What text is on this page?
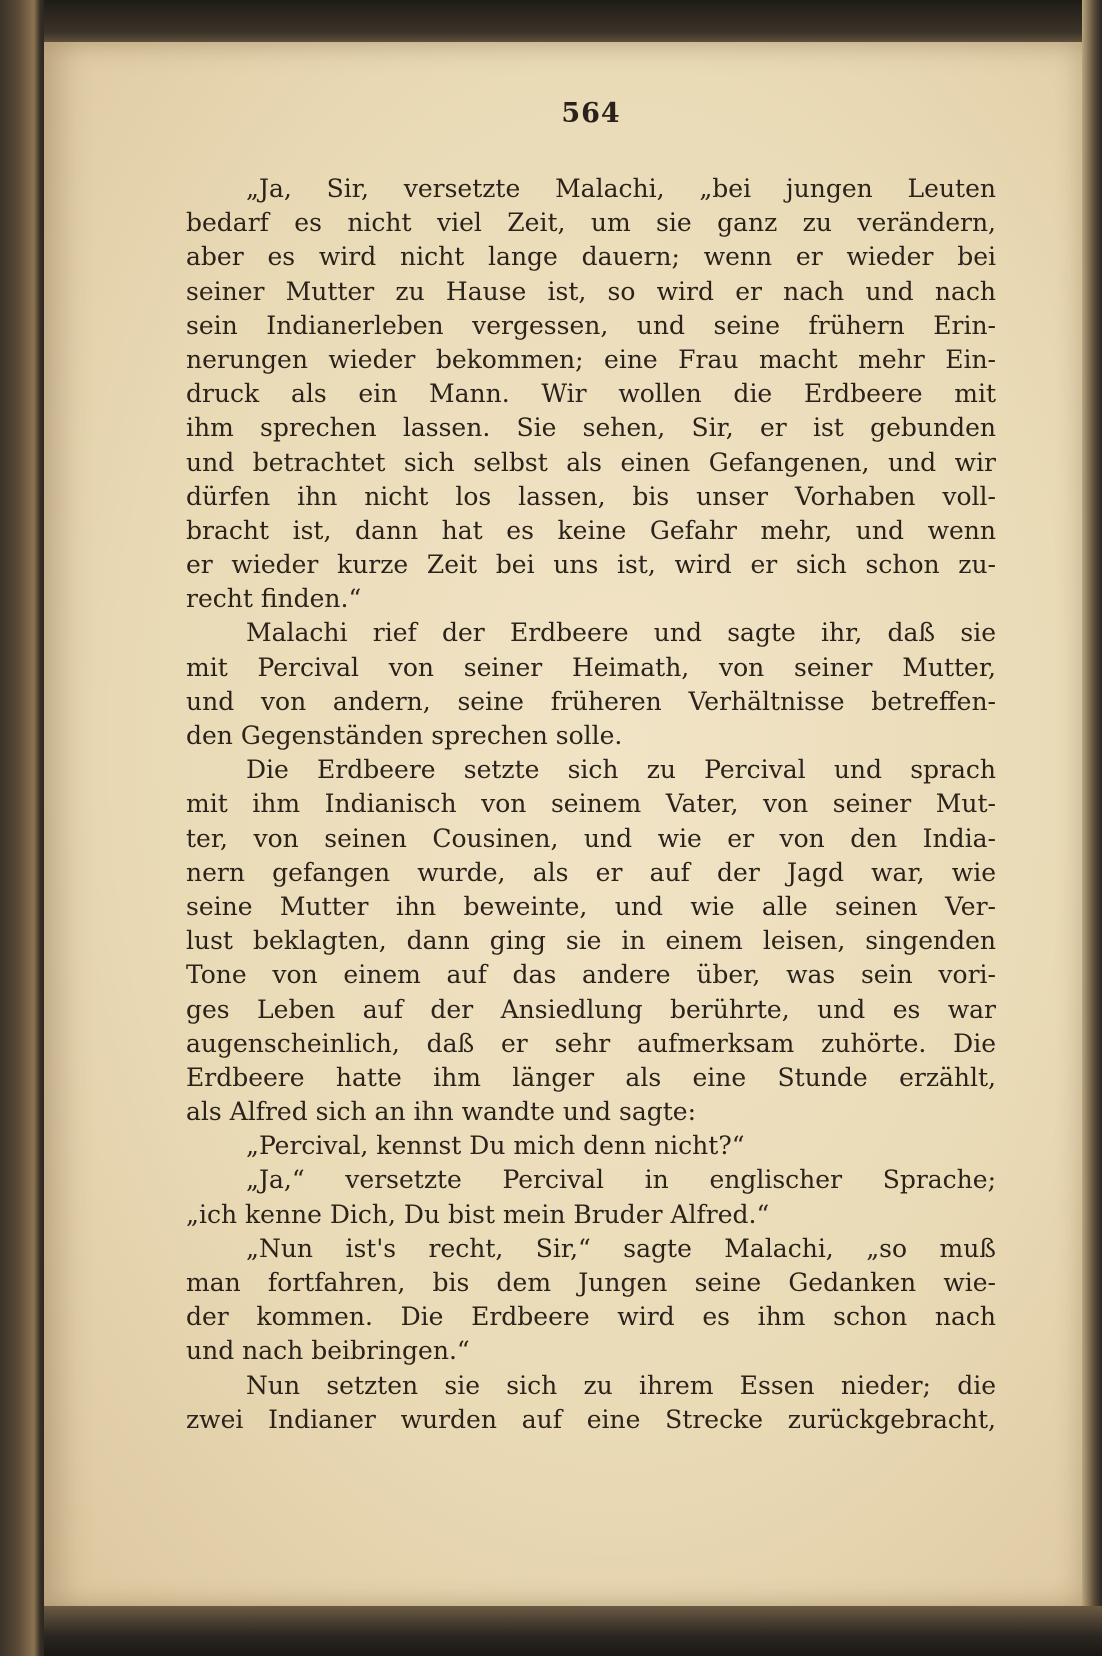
564
„Ja, Sir, versetzte Malachi, „bei jungen Leuten
bedarf es nicht viel Zeit, um sie ganz zu verändern,
aber es wird nicht lange dauern; wenn er wieder bei
seiner Mutter zu Hause ist, so wird er nach und nach
sein Indianerleben vergessen, und seine frühern Erin-
nerungen wieder bekommen; eine Frau macht mehr Ein-
druck als ein Mann. Wir wollen die Erdbeere mit
ihm sprechen lassen. Sie sehen, Sir, er ist gebunden
und betrachtet sich selbst als einen Gefangenen, und wir
dürfen ihn nicht los lassen, bis unser Vorhaben voll-
bracht ist, dann hat es keine Gefahr mehr, und wenn
er wieder kurze Zeit bei uns ist, wird er sich schon zu-
recht finden.“
Malachi rief der Erdbeere und sagte ihr, daß sie
mit Percival von seiner Heimath, von seiner Mutter,
und von andern, seine früheren Verhältnisse betreffen-
den Gegenständen sprechen solle.
Die Erdbeere setzte sich zu Percival und sprach
mit ihm Indianisch von seinem Vater, von seiner Mut-
ter, von seinen Cousinen, und wie er von den India-
nern gefangen wurde, als er auf der Jagd war, wie
seine Mutter ihn beweinte, und wie alle seinen Ver-
lust beklagten, dann ging sie in einem leisen, singenden
Tone von einem auf das andere über, was sein vori-
ges Leben auf der Ansiedlung berührte, und es war
augenscheinlich, daß er sehr aufmerksam zuhörte. Die
Erdbeere hatte ihm länger als eine Stunde erzählt,
als Alfred sich an ihn wandte und sagte:
„Percival, kennst Du mich denn nicht?“
„Ja,“ versetzte Percival in englischer Sprache;
„ich kenne Dich, Du bist mein Bruder Alfred.“
„Nun ist's recht, Sir,“ sagte Malachi, „so muß
man fortfahren, bis dem Jungen seine Gedanken wie-
der kommen. Die Erdbeere wird es ihm schon nach
und nach beibringen.“
Nun setzten sie sich zu ihrem Essen nieder; die
zwei Indianer wurden auf eine Strecke zurückgebracht,
